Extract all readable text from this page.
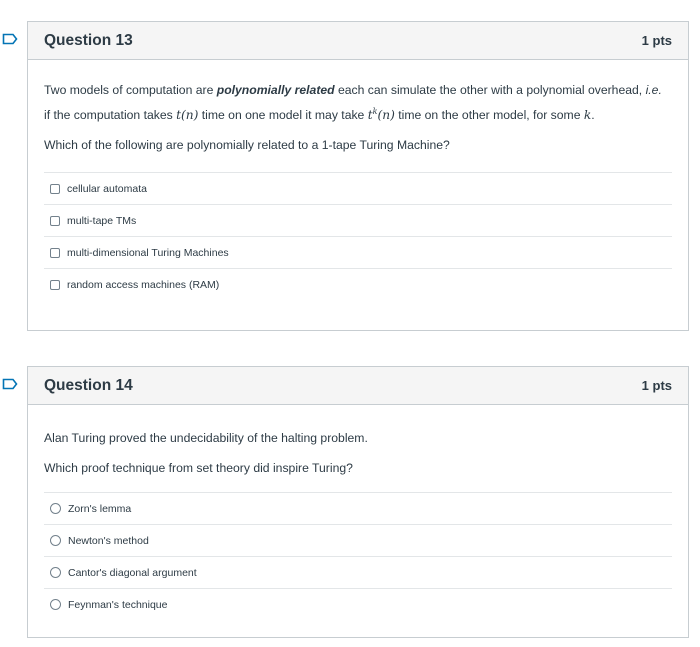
Question 13	1 pts

Two models of computation are polynomially related each can simulate the other with a polynomial overhead, i.e.

if the computation takes t(n) time on one model it may take $t^k(n)$ time on the other model, for some k.

Which of the following are polynomially related to a 1-tape Turing Machine?

cellular automata
multi-tape TMs
multi-dimensional Turing Machines
random access machines (RAM)
Question 14	1 pts

Alan Turing proved the undecidability of the halting problem.

Which proof technique from set theory did inspire Turing?

Zorn's lemma
Newton's method
Cantor's diagonal argument
Feynman's technique
